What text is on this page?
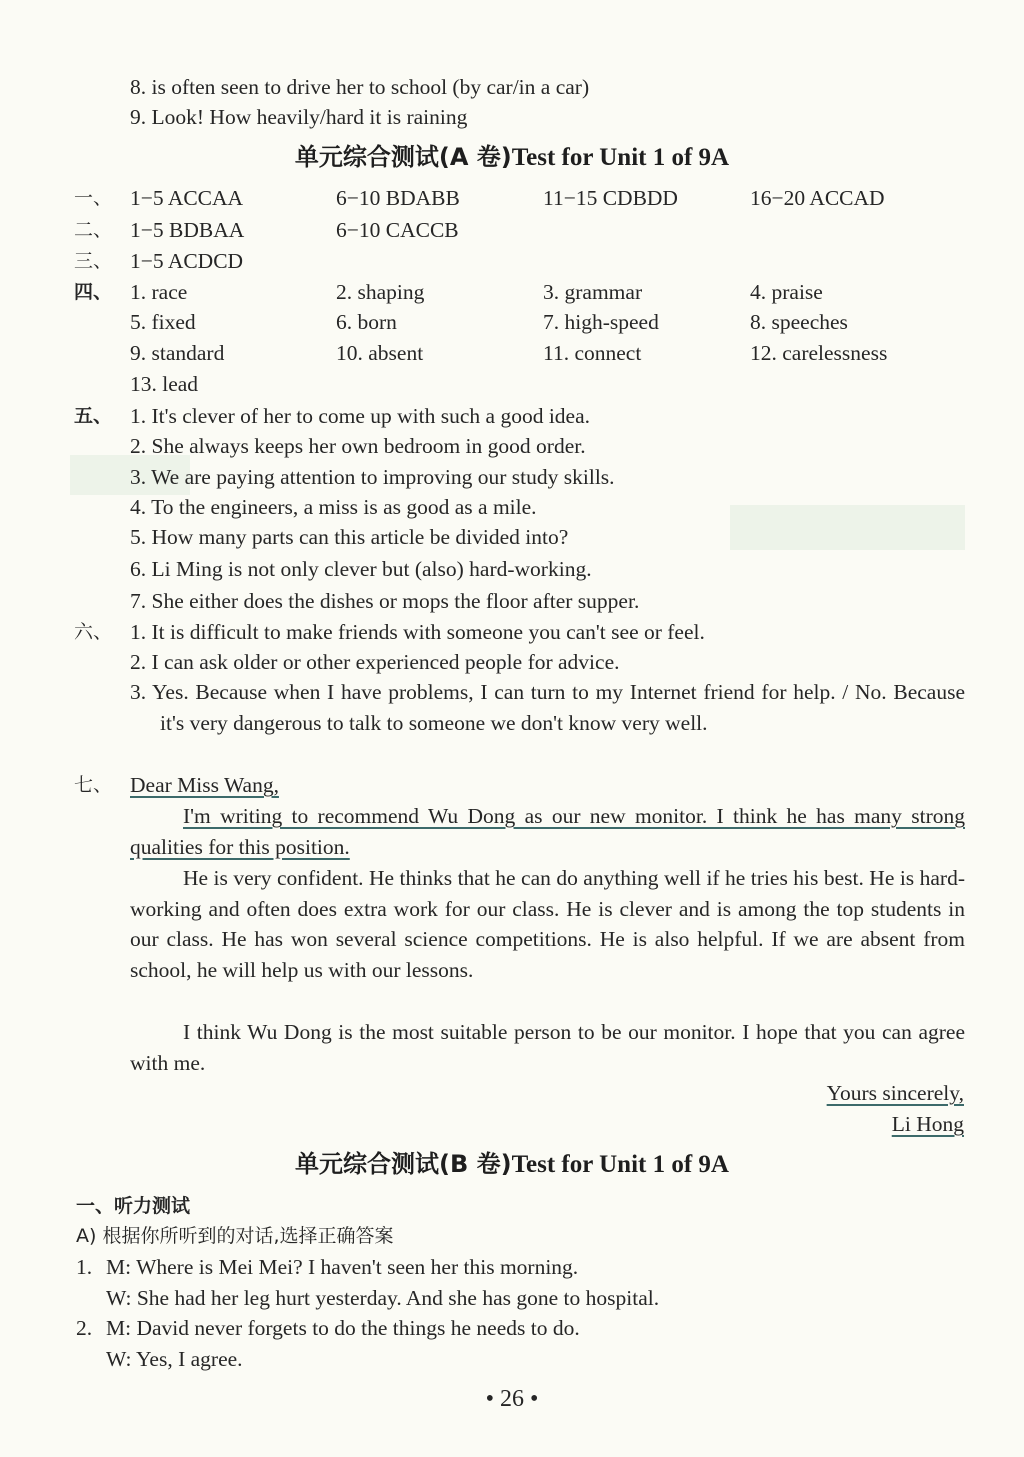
8. is often seen to drive her to school (by car/in a car)
9. Look! How heavily/hard it is raining
单元综合测试(A 卷)Test for Unit 1 of 9A
一、 1−5 ACCAA	6−10 BDABB	11−15 CDBDD	16−20 ACCAD
二、 1−5 BDBAA	6−10 CACCB
三、 1−5 ACDCD
四、 1. race	2. shaping	3. grammar	4. praise
5. fixed	6. born	7. high-speed	8. speeches
9. standard	10. absent	11. connect	12. carelessness
13. lead
五、 1. It's clever of her to come up with such a good idea.
2. She always keeps her own bedroom in good order.
3. We are paying attention to improving our study skills.
4. To the engineers, a miss is as good as a mile.
5. How many parts can this article be divided into?
6. Li Ming is not only clever but (also) hard-working.
7. She either does the dishes or mops the floor after supper.
六、 1. It is difficult to make friends with someone you can't see or feel.
2. I can ask older or other experienced people for advice.
3. Yes. Because when I have problems, I can turn to my Internet friend for help. / No. Because it's very dangerous to talk to someone we don't know very well.
七、 Dear Miss Wang,
I'm writing to recommend Wu Dong as our new monitor. I think he has many strong qualities for this position.
He is very confident. He thinks that he can do anything well if he tries his best. He is hard-working and often does extra work for our class. He is clever and is among the top students in our class. He has won several science competitions. He is also helpful. If we are absent from school, he will help us with our lessons.
I think Wu Dong is the most suitable person to be our monitor. I hope that you can agree with me.
Yours sincerely,
Li Hong
单元综合测试(B 卷)Test for Unit 1 of 9A
一、听力测试
A) 根据你所听到的对话,选择正确答案
1. M: Where is Mei Mei? I haven't seen her this morning.
W: She had her leg hurt yesterday. And she has gone to hospital.
2. M: David never forgets to do the things he needs to do.
W: Yes, I agree.
• 26 •
